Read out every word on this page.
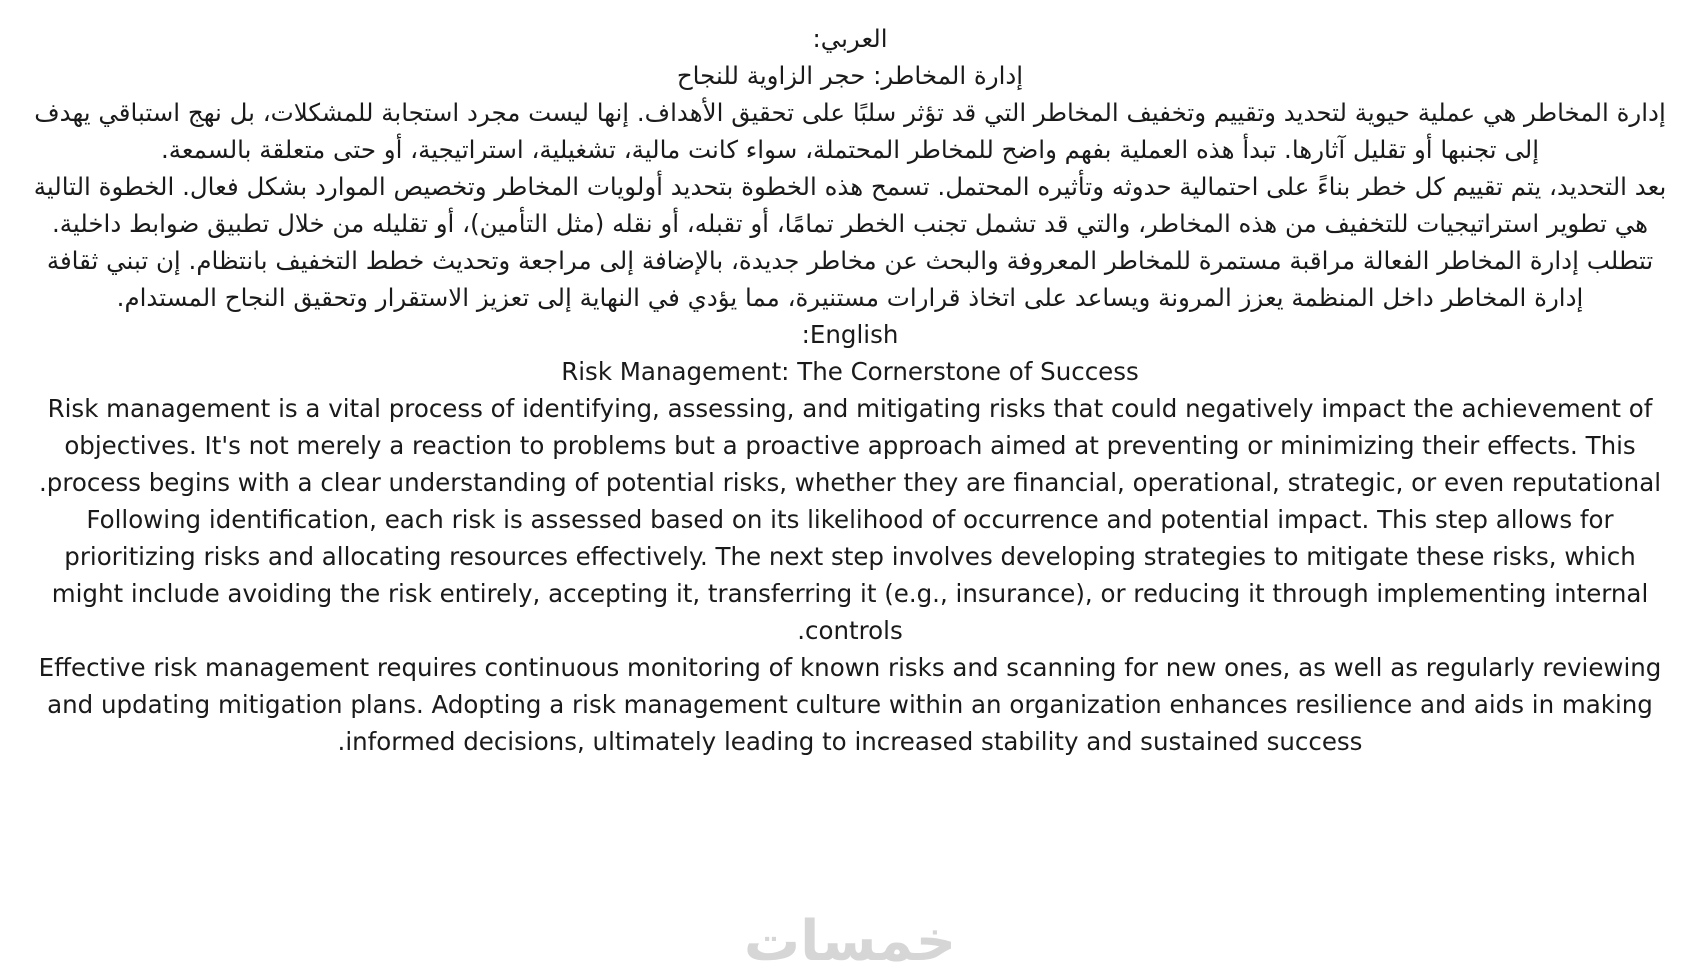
العربي:
إدارة المخاطر: حجر الزاوية للنجاح
إدارة المخاطر هي عملية حيوية لتحديد وتقييم وتخفيف المخاطر التي قد تؤثر سلبًا على تحقيق الأهداف. إنها ليست مجرد استجابة للمشكلات، بل نهج استباقي يهدف إلى تجنبها أو تقليل آثارها. تبدأ هذه العملية بفهم واضح للمخاطر المحتملة، سواء كانت مالية، تشغيلية، استراتيجية، أو حتى متعلقة بالسمعة.
بعد التحديد، يتم تقييم كل خطر بناءً على احتمالية حدوثه وتأثيره المحتمل. تسمح هذه الخطوة بتحديد أولويات المخاطر وتخصيص الموارد بشكل فعال. الخطوة التالية هي تطوير استراتيجيات للتخفيف من هذه المخاطر، والتي قد تشمل تجنب الخطر تمامًا، أو تقبله، أو نقله (مثل التأمين)، أو تقليله من خلال تطبيق ضوابط داخلية.
تتطلب إدارة المخاطر الفعالة مراقبة مستمرة للمخاطر المعروفة والبحث عن مخاطر جديدة، بالإضافة إلى مراجعة وتحديث خطط التخفيف بانتظام. إن تبني ثقافة إدارة المخاطر داخل المنظمة يعزز المرونة ويساعد على اتخاذ قرارات مستنيرة، مما يؤدي في النهاية إلى تعزيز الاستقرار وتحقيق النجاح المستدام.
English:
Risk Management: The Cornerstone of Success
Risk management is a vital process of identifying, assessing, and mitigating risks that could negatively impact the achievement of objectives. It's not merely a reaction to problems but a proactive approach aimed at preventing or minimizing their effects. This process begins with a clear understanding of potential risks, whether they are financial, operational, strategic, or even reputational.
Following identification, each risk is assessed based on its likelihood of occurrence and potential impact. This step allows for prioritizing risks and allocating resources effectively. The next step involves developing strategies to mitigate these risks, which might include avoiding the risk entirely, accepting it, transferring it (e.g., insurance), or reducing it through implementing internal controls.
Effective risk management requires continuous monitoring of known risks and scanning for new ones, as well as regularly reviewing and updating mitigation plans. Adopting a risk management culture within an organization enhances resilience and aids in making informed decisions, ultimately leading to increased stability and sustained success.
خمسات
